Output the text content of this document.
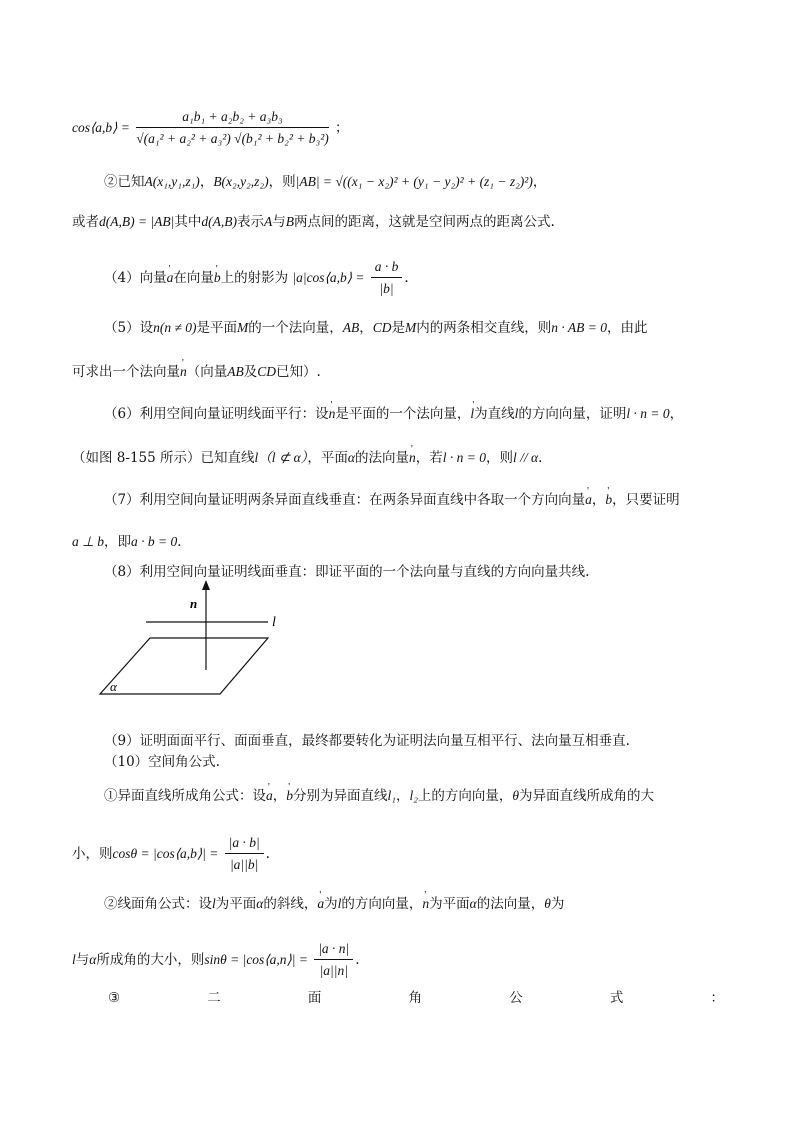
cos⟨a,b⟩ = $\frac{\text{a₁b₁ + a₂b₂ + a₃b₃}}{\text{√(a₁² + a₂² + a₃²) √(b₁² + b₂² + b₃²)}}$ ；
②已知A(x₁,y₁,z₁)，B(x₂,y₂,z₂)，则|AB| = √((x₁ − x₂)² + (y₁ − y₂)² + (z₁ − z₂)²)，
或者d(A,B) = |AB|其中d(A,B)表示A与B两点间的距离，这就是空间两点的距离公式.
（4）向量' a在向量' b上的射影为 |a|cos⟨a,b⟩ = $\frac{a \cdot b}{|b|}$ .
（5）设n(n ≠ 0)是平面M的一个法向量，AB，CD是M内的两条相交直线，则n · AB = 0，由此
可求出一个法向量' n（向量AB及CD已知）.
（6）利用空间向量证明线面平行：设' n是平面的一个法向量，' l为直线l的方向向量，证明l · n = 0，
（如图 8-155 所示）已知直线l（l ⊄ α），平面α的法向量' n，若l · n = 0，则l // α.
（7）利用空间向量证明两条异面直线垂直：在两条异面直线中各取一个方向向量' a，' b，只要证明
a ⊥ b，即a · b = 0.
（8）利用空间向量证明线面垂直：即证平面的一个法向量与直线的方向向量共线.
n
l
α
（9）证明面面平行、面面垂直，最终都要转化为证明法向量互相平行、法向量互相垂直.
（10）空间角公式.
①异面直线所成角公式：设' a，' b分别为异面直线l₁，l₂上的方向向量，θ为异面直线所成角的大
小，则cosθ = |cos⟨a,b⟩| = $\frac{|a \cdot b|}{|a||b|}$ .
②线面角公式：设l为平面α的斜线，' a为l的方向向量，' n为平面α的法向量，θ为
l与α所成角的大小，则sinθ = |cos⟨a,n⟩| = $\frac{|a \cdot n|}{|a||n|}$ .
③	二	面	角	公	式	：
